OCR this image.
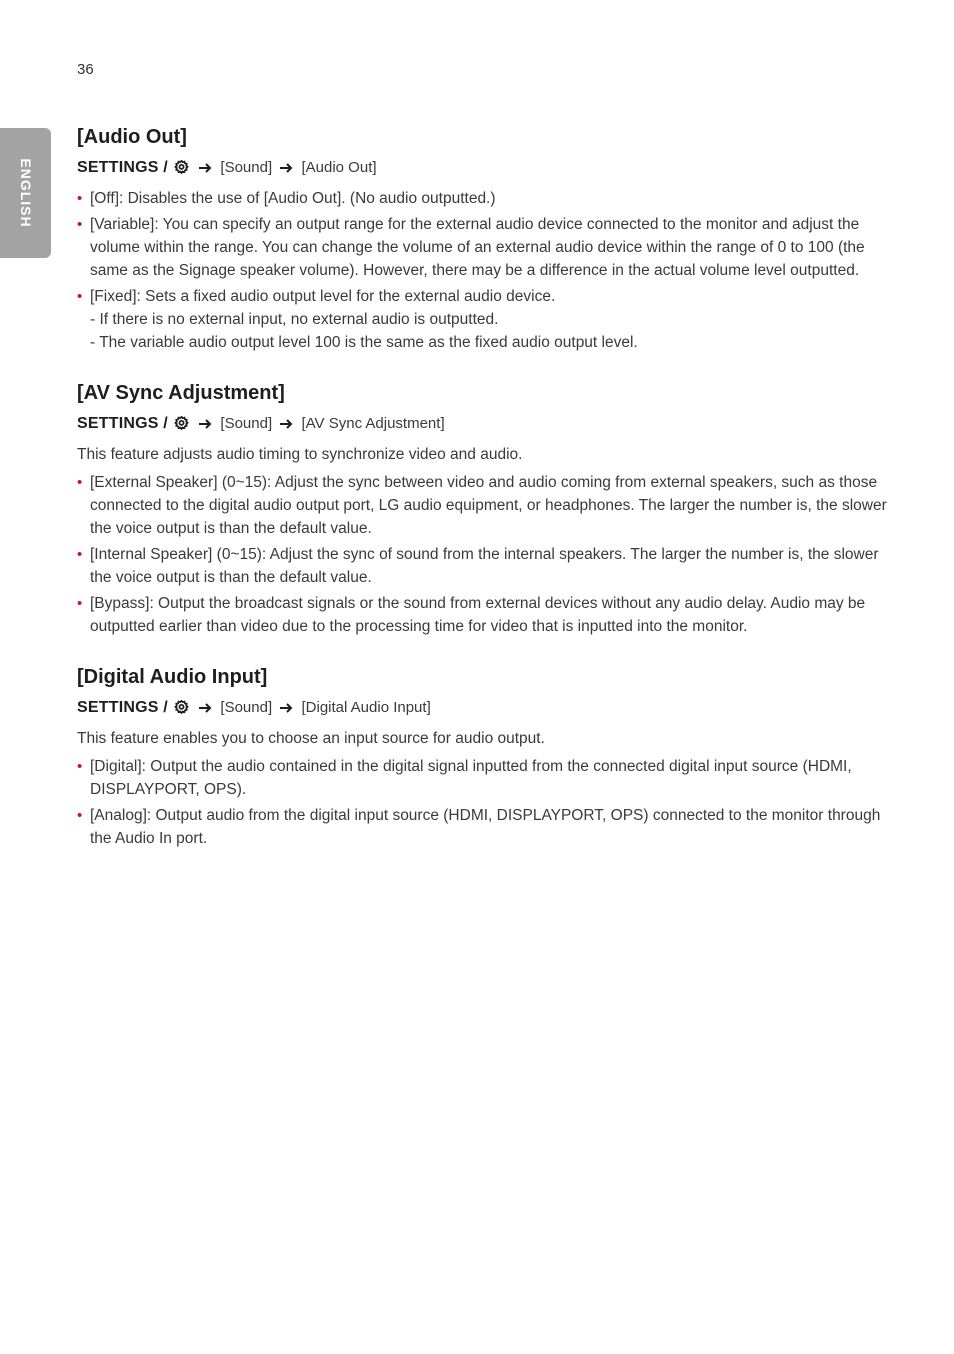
36
ENGLISH
[Audio Out]
SETTINGS /	[Sound] [Audio Out]
• [Off]: Disables the use of [Audio Out]. (No audio outputted.)
• [Variable]: You can specify an output range for the external audio device connected to the monitor and adjust the volume within the range. You can change the volume of an external audio device within the range of 0 to 100 (the same as the Signage speaker volume). However, there may be a difference in the actual volume level outputted.
• [Fixed]: Sets a fixed audio output level for the external audio device.
- If there is no external input, no external audio is outputted.
- The variable audio output level 100 is the same as the fixed audio output level.
[AV Sync Adjustment]
SETTINGS /	[Sound] [AV Sync Adjustment]
This feature adjusts audio timing to synchronize video and audio.
• [External Speaker] (0~15): Adjust the sync between video and audio coming from external speakers, such as those connected to the digital audio output port, LG audio equipment, or headphones. The larger the number is, the slower the voice output is than the default value.
• [Internal Speaker] (0~15): Adjust the sync of sound from the internal speakers. The larger the number is, the slower the voice output is than the default value.
• [Bypass]: Output the broadcast signals or the sound from external devices without any audio delay. Audio may be outputted earlier than video due to the processing time for video that is inputted into the monitor.
[Digital Audio Input]
SETTINGS /	[Sound] [Digital Audio Input]
This feature enables you to choose an input source for audio output.
• [Digital]: Output the audio contained in the digital signal inputted from the connected digital input source (HDMI, DISPLAYPORT, OPS).
• [Analog]: Output audio from the digital input source (HDMI, DISPLAYPORT, OPS) connected to the monitor through the Audio In port.
